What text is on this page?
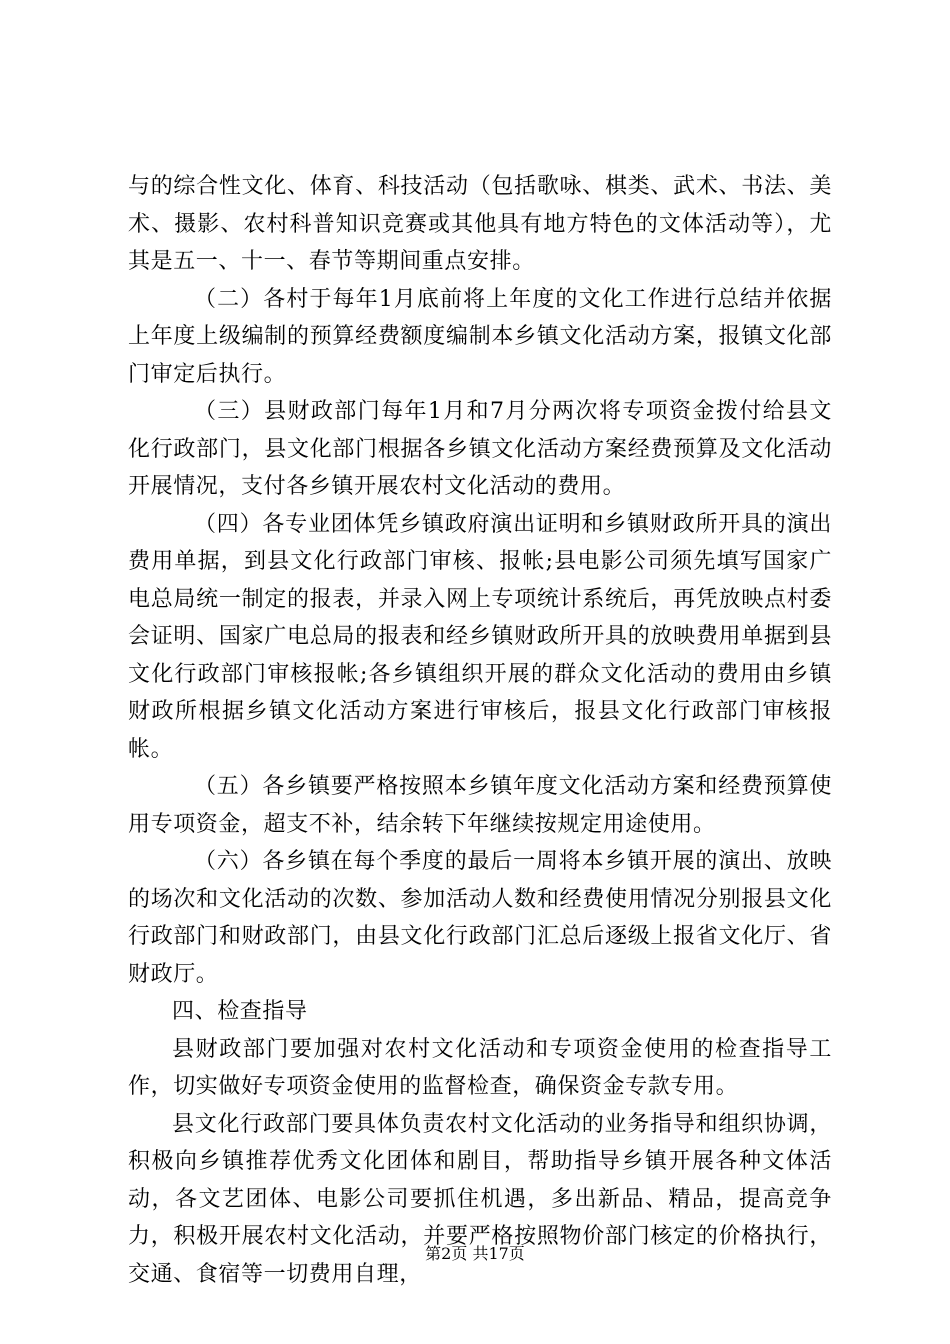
与的综合性文化、体育、科技活动（包括歌咏、棋类、武术、书法、美术、摄影、农村科普知识竞赛或其他具有地方特色的文体活动等），尤其是五一、十一、春节等期间重点安排。

（二）各村于每年1月底前将上年度的文化工作进行总结并依据上年度上级编制的预算经费额度编制本乡镇文化活动方案，报镇文化部门审定后执行。

（三）县财政部门每年1月和7月分两次将专项资金拨付给县文化行政部门，县文化部门根据各乡镇文化活动方案经费预算及文化活动开展情况，支付各乡镇开展农村文化活动的费用。

（四）各专业团体凭乡镇政府演出证明和乡镇财政所开具的演出费用单据，到县文化行政部门审核、报帐;县电影公司须先填写国家广电总局统一制定的报表，并录入网上专项统计系统后，再凭放映点村委会证明、国家广电总局的报表和经乡镇财政所开具的放映费用单据到县文化行政部门审核报帐;各乡镇组织开展的群众文化活动的费用由乡镇财政所根据乡镇文化活动方案进行审核后，报县文化行政部门审核报帐。

（五）各乡镇要严格按照本乡镇年度文化活动方案和经费预算使用专项资金，超支不补，结余转下年继续按规定用途使用。

（六）各乡镇在每个季度的最后一周将本乡镇开展的演出、放映的场次和文化活动的次数、参加活动人数和经费使用情况分别报县文化行政部门和财政部门，由县文化行政部门汇总后逐级上报省文化厅、省财政厅。

四、检查指导

县财政部门要加强对农村文化活动和专项资金使用的检查指导工作，切实做好专项资金使用的监督检查，确保资金专款专用。

县文化行政部门要具体负责农村文化活动的业务指导和组织协调，积极向乡镇推荐优秀文化团体和剧目，帮助指导乡镇开展各种文体活动，各文艺团体、电影公司要抓住机遇，多出新品、精品，提高竞争力，积极开展农村文化活动，并要严格按照物价部门核定的价格执行，交通、食宿等一切费用自理，

第2页 共17页
